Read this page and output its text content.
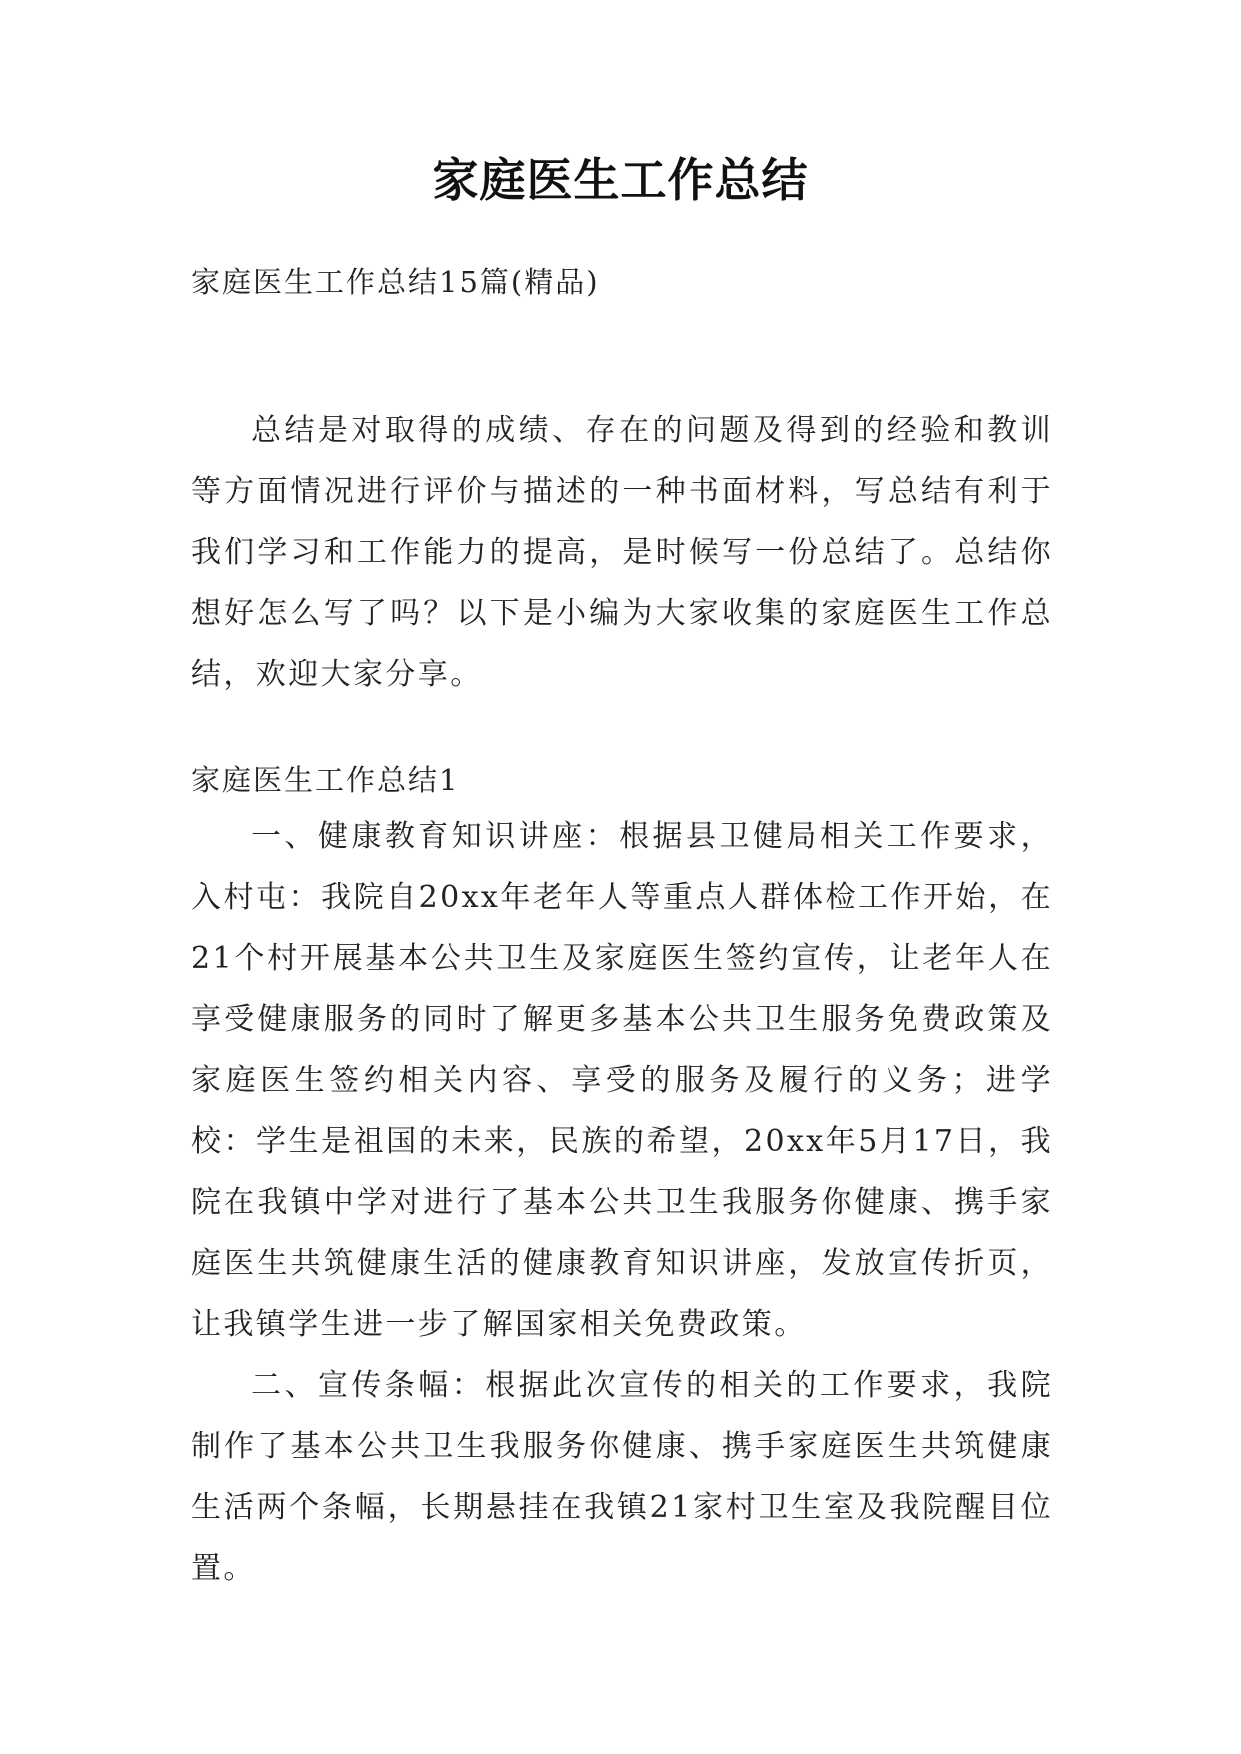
家庭医生工作总结
家庭医生工作总结15篇(精品)

总结是对取得的成绩、存在的问题及得到的经验和教训等方面情况进行评价与描述的一种书面材料，写总结有利于我们学习和工作能力的提高，是时候写一份总结了。总结你想好怎么写了吗？以下是小编为大家收集的家庭医生工作总结，欢迎大家分享。

家庭医生工作总结1

一、健康教育知识讲座：根据县卫健局相关工作要求，入村屯：我院自20xx年老年人等重点人群体检工作开始，在21个村开展基本公共卫生及家庭医生签约宣传，让老年人在享受健康服务的同时了解更多基本公共卫生服务免费政策及家庭医生签约相关内容、享受的服务及履行的义务；进学校：学生是祖国的未来，民族的希望，20xx年5月17日，我院在我镇中学对进行了基本公共卫生我服务你健康、携手家庭医生共筑健康生活的健康教育知识讲座，发放宣传折页，让我镇学生进一步了解国家相关免费政策。

二、宣传条幅：根据此次宣传的相关的工作要求，我院制作了基本公共卫生我服务你健康、携手家庭医生共筑健康生活两个条幅，长期悬挂在我镇21家村卫生室及我院醒目位置。
